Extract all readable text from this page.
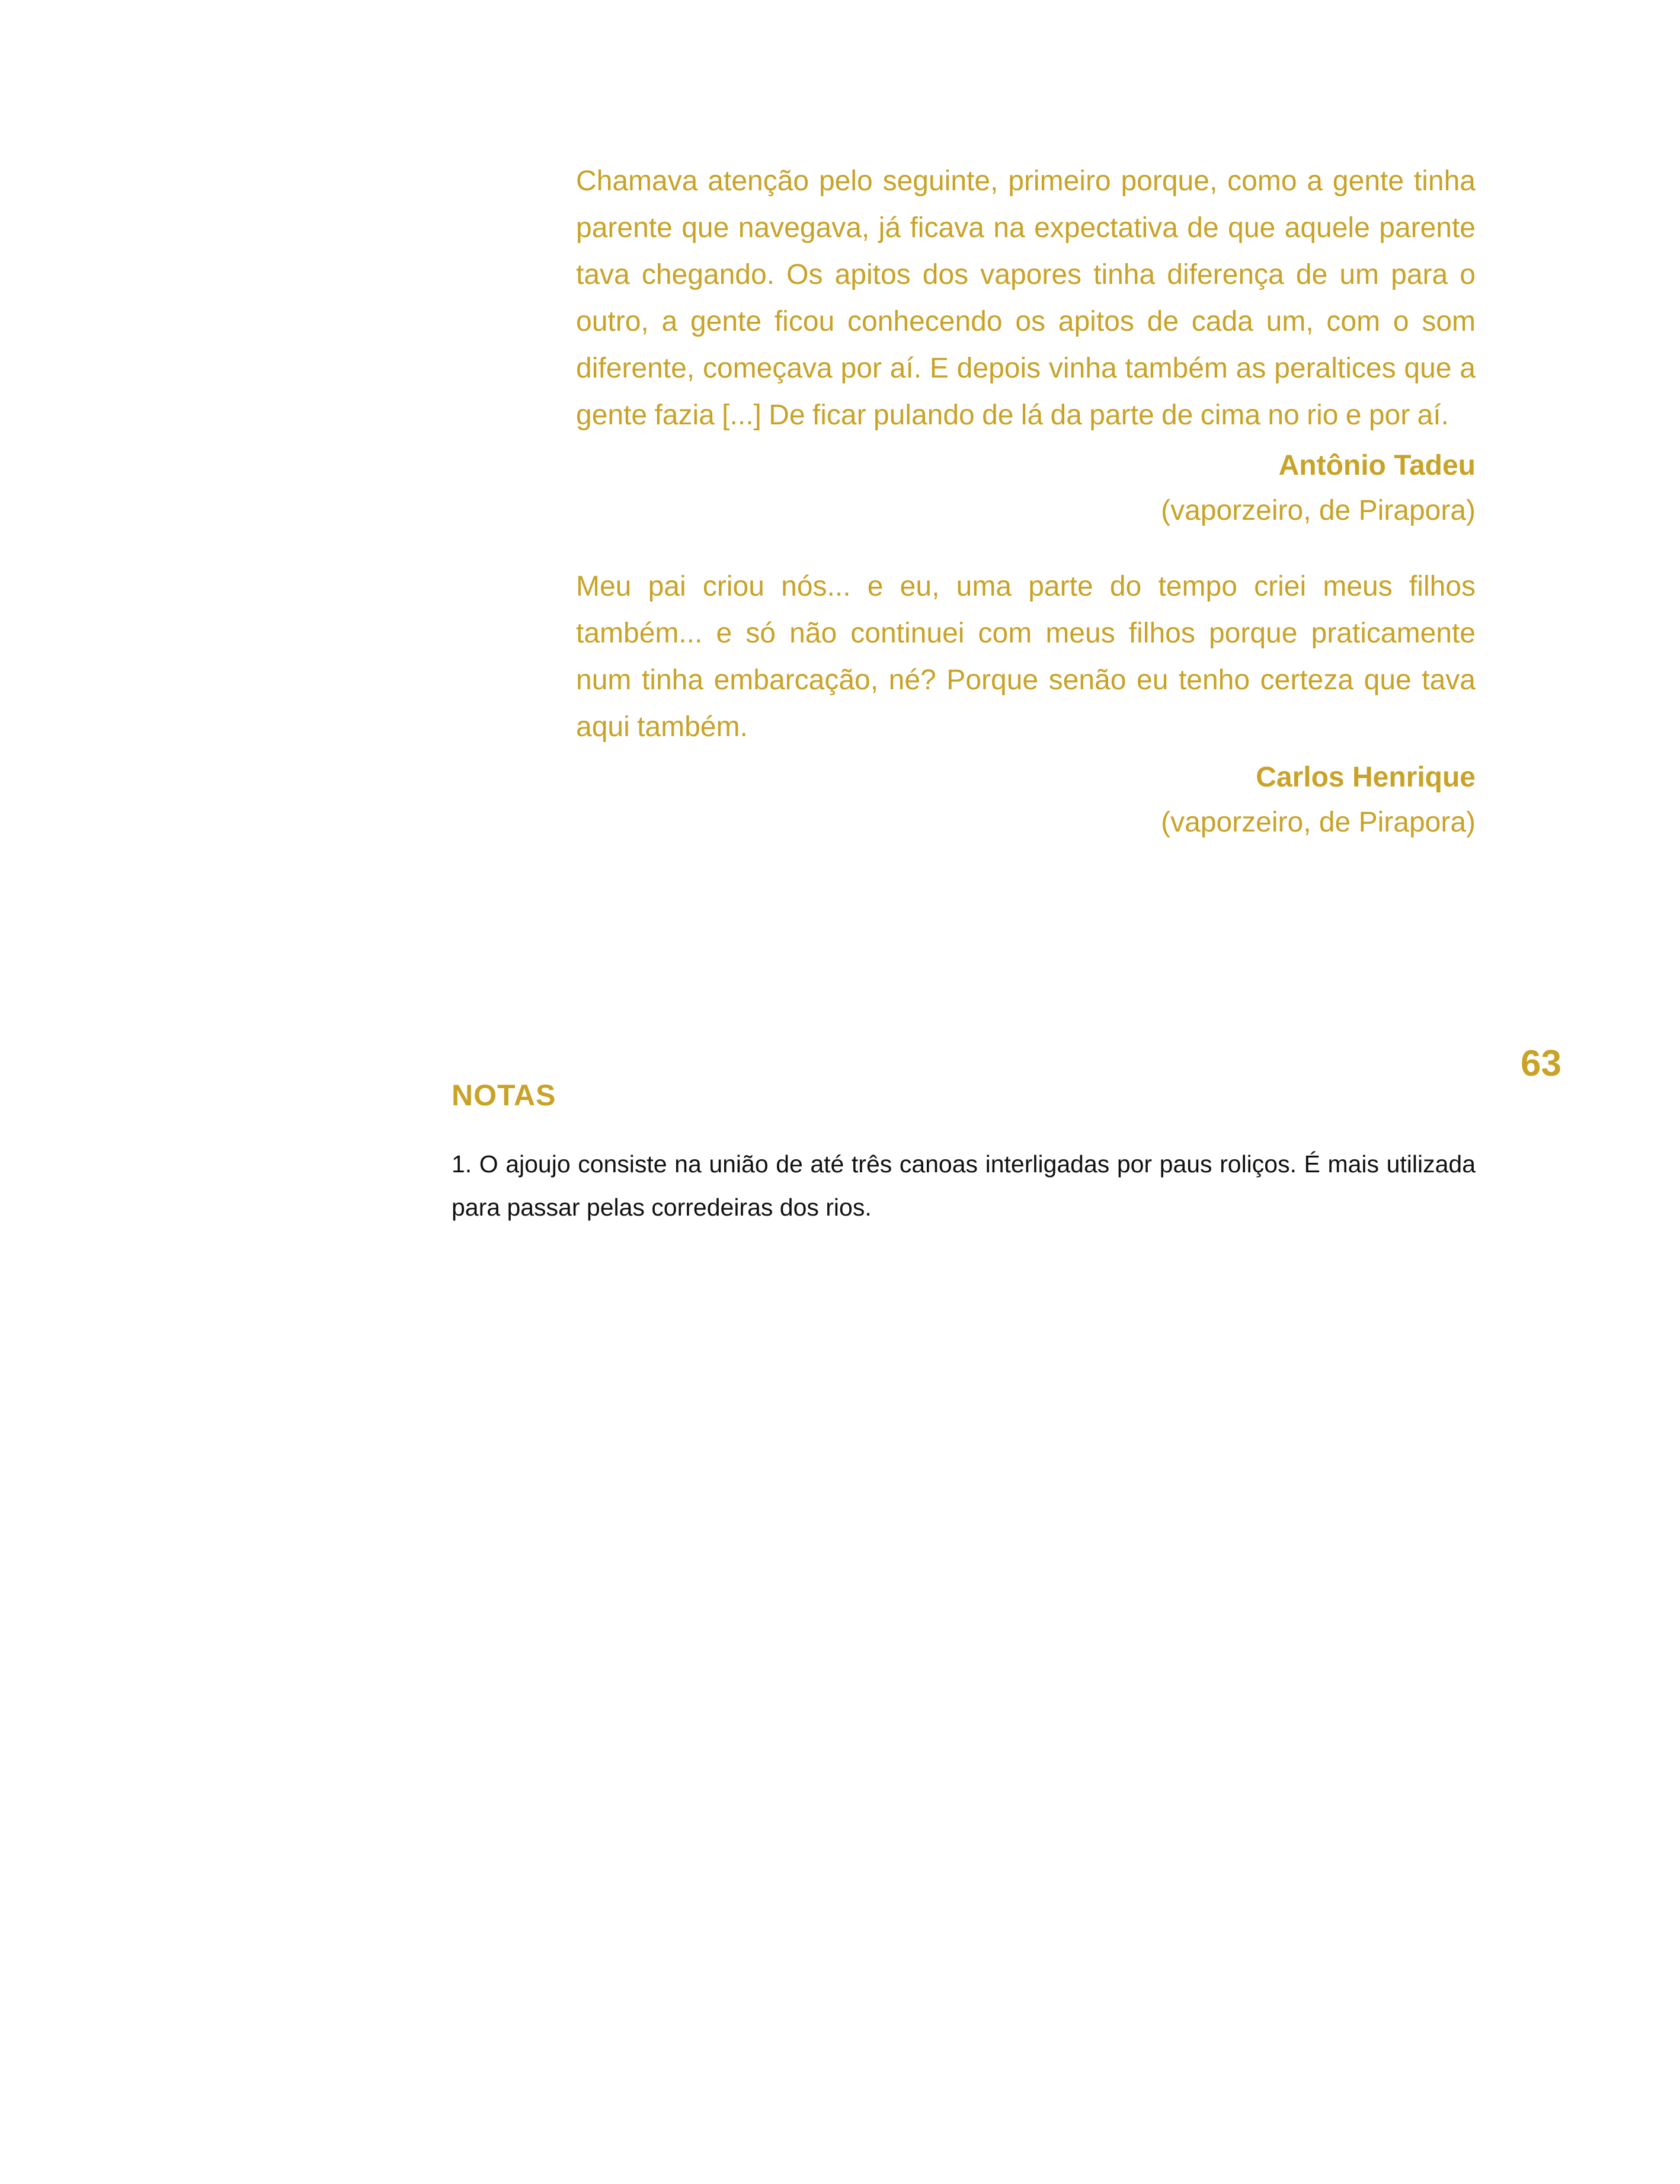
Chamava atenção pelo seguinte, primeiro porque, como a gente tinha parente que navegava, já ficava na expectativa de que aquele parente tava chegando. Os apitos dos vapores tinha diferença de um para o outro, a gente ficou conhecendo os apitos de cada um, com o som diferente, começava por aí. E depois vinha também as peraltices que a gente fazia [...] De ficar pulando de lá da parte de cima no rio e por aí.

Antônio Tadeu
(vaporzeiro, de Pirapora)

Meu pai criou nós... e eu, uma parte do tempo criei meus filhos também... e só não continuei com meus filhos porque praticamente num tinha embarcação, né? Porque senão eu tenho certeza que tava aqui também.

Carlos Henrique
(vaporzeiro, de Pirapora)
63
NOTAS

1. O ajoujo consiste na união de até três canoas interligadas por paus roliços. É mais utilizada para passar pelas corredeiras dos rios.
